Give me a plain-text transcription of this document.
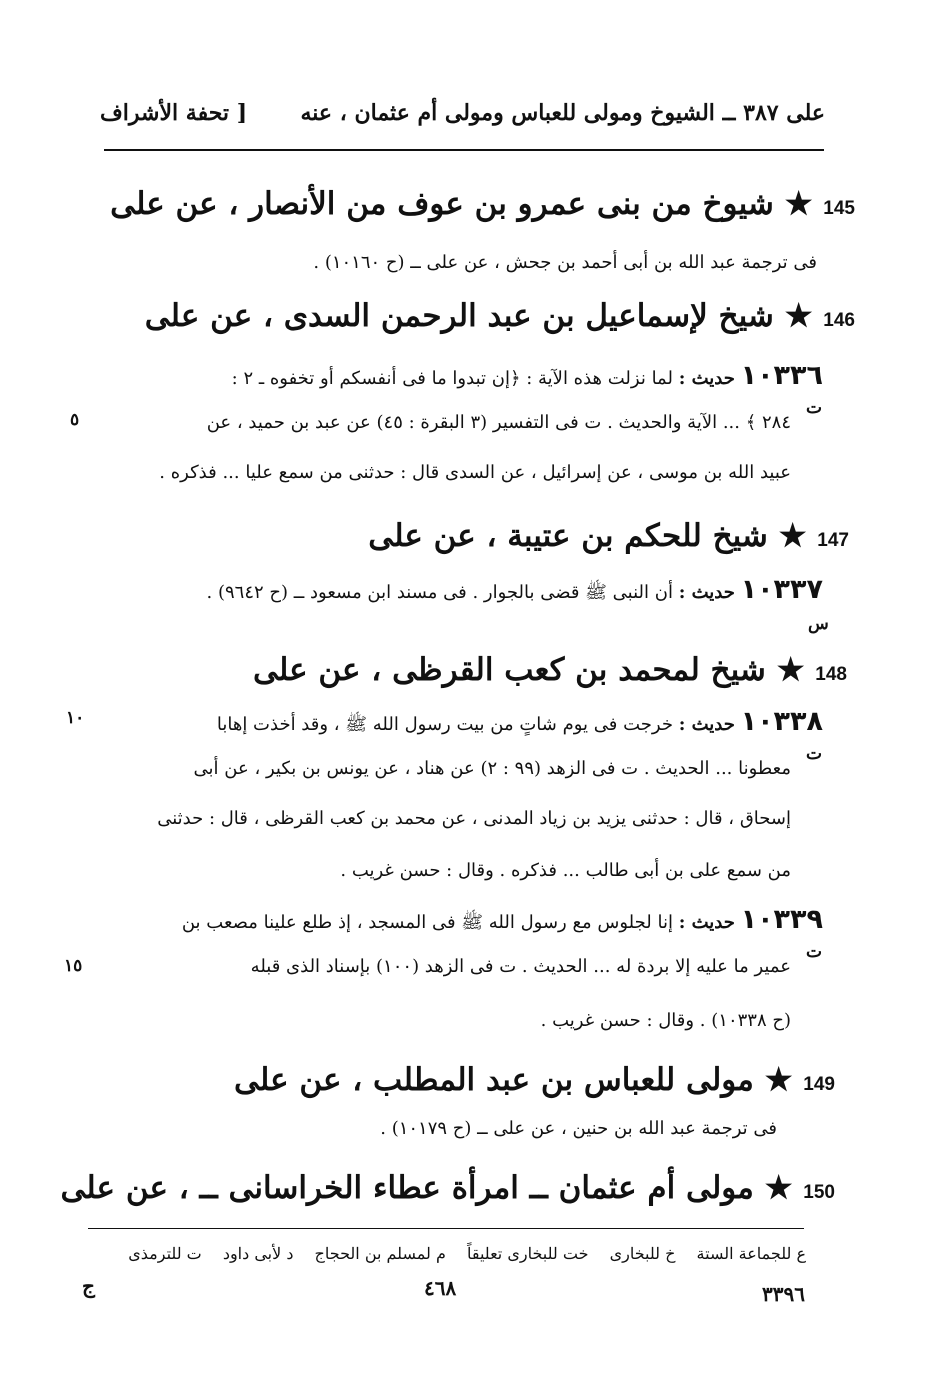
على ٣٨٧ ــ الشيوخ ومولى للعباس ومولى أم عثمان ، عنه
[ تحفة الأشراف
145 ★ شيوخ من بنى عمرو بن عوف من الأنصار ، عن على
فى ترجمة عبد الله بن أبى أحمد بن جحش ، عن على ــ (ح ١٠١٦٠) .
146 ★ شيخ لإسماعيل بن عبد الرحمن السدى ، عن على
١٠٣٣٦ حديث : لما نزلت هذه الآية : ﴿إن تبدوا ما فى أنفسكم أو تخفوه ـ ٢ :
ت
٢٨٤ ﴾ ... الآية والحديث . ت فى التفسير (٣ البقرة : ٤٥) عن عبد بن حميد ، عن
٥
عبيد الله بن موسى ، عن إسرائيل ، عن السدى قال : حدثنى من سمع عليا ... فذكره .
147 ★ شيخ للحكم بن عتيبة ، عن على
١٠٣٣٧ حديث : أن النبى ﷺ قضى بالجوار . فى مسند ابن مسعود ــ (ح ٩٦٤٢) .
س
148 ★ شيخ لمحمد بن كعب القرظى ، عن على
١٠٣٣٨ حديث : خرجت فى يوم شاتٍ من بيت رسول الله ﷺ ، وقد أخذت إهابا
١٠
ت
معطونا ... الحديث . ت فى الزهد (٩٩ : ٢) عن هناد ، عن يونس بن بكير ، عن أبى
إسحاق ، قال : حدثنى يزيد بن زياد المدنى ، عن محمد بن كعب القرظى ، قال : حدثنى
من سمع على بن أبى طالب ... فذكره . وقال : حسن غريب .
١٠٣٣٩ حديث : إنا لجلوس مع رسول الله ﷺ فى المسجد ، إذ طلع علينا مصعب بن
ت
عمير ما عليه إلا بردة له ... الحديث . ت فى الزهد (١٠٠) بإسناد الذى قبله
١٥
(ح ١٠٣٣٨) . وقال : حسن غريب .
149 ★ مولى للعباس بن عبد المطلب ، عن على
فى ترجمة عبد الله بن حنين ، عن على ــ (ح ١٠١٧٩) .
150 ★ مولى أم عثمان ــ امرأة عطاء الخراسانى ــ ، عن على
ع للجماعة الستة خ للبخارى خت للبخارى تعليقاً م لمسلم بن الحجاج د لأبى داود ت للترمذى
٣٣٩٦
٤٦٨
ج
